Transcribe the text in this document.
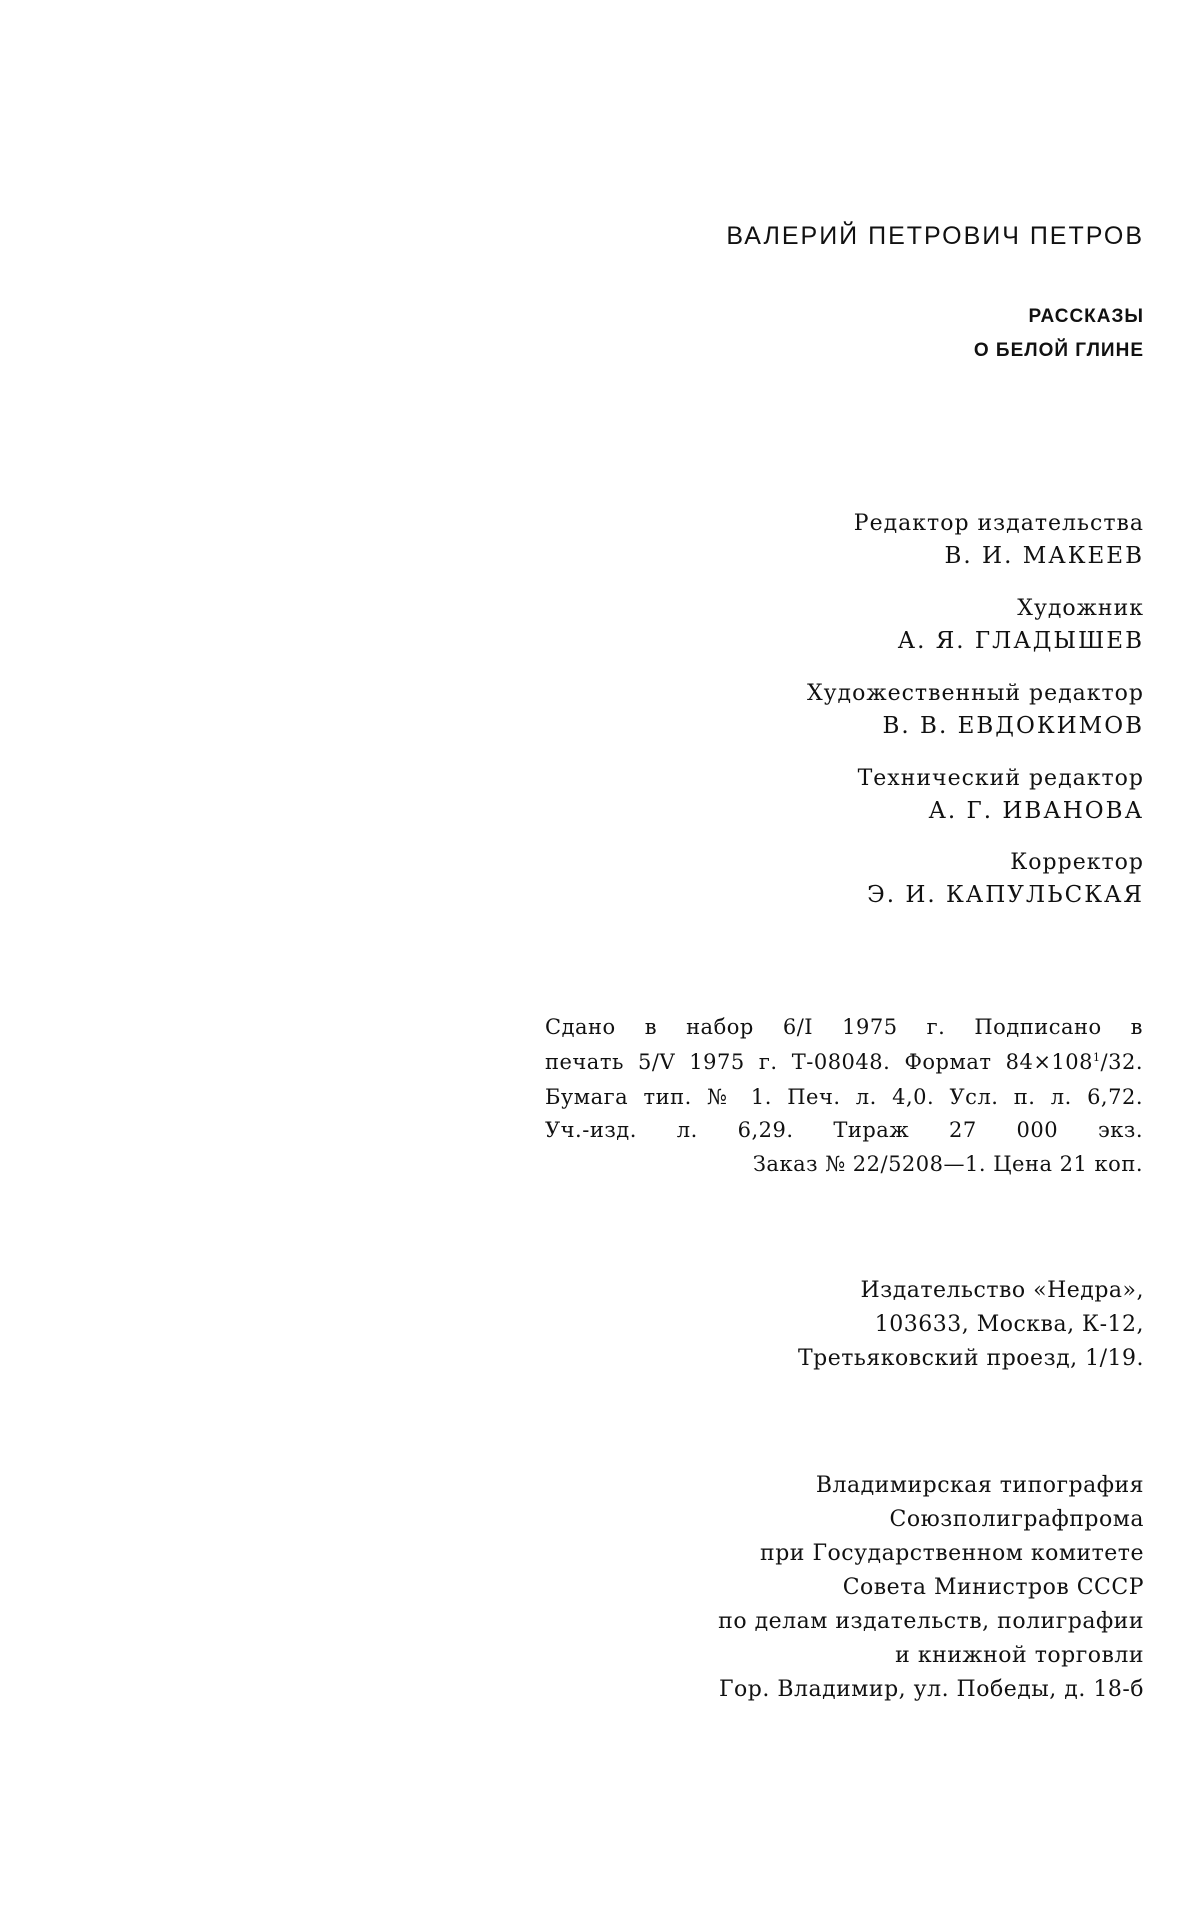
ВАЛЕРИЙ ПЕТРОВИЧ ПЕТРОВ
РАССКАЗЫ
О БЕЛОЙ ГЛИНЕ
Редактор издательства
В. И. МАКЕЕВ
Художник
А. Я. ГЛАДЫШЕВ
Художественный редактор
В. В. ЕВДОКИМОВ
Технический редактор
А. Г. ИВАНОВА
Корректор
Э. И. КАПУЛЬСКАЯ
Сдано в набор 6/I 1975 г. Подписано в
печать 5/V 1975 г. Т-08048. Формат $84\times 108^1/32$.
Бумага тип. № 1. Печ. л. 4,0. Усл. п. л. 6,72.
Уч.-изд. л. 6,29. Тираж 27 000 экз.
Заказ № 22/5208—1. Цена 21 коп.
Издательство «Недра»,
103633, Москва, К-12,
Третьяковский проезд, 1/19.
Владимирская типография
Союзполиграфпрома
при Государственном комитете
Совета Министров СССР
по делам издательств, полиграфии
и книжной торговли
Гор. Владимир, ул. Победы, д. 18-б
